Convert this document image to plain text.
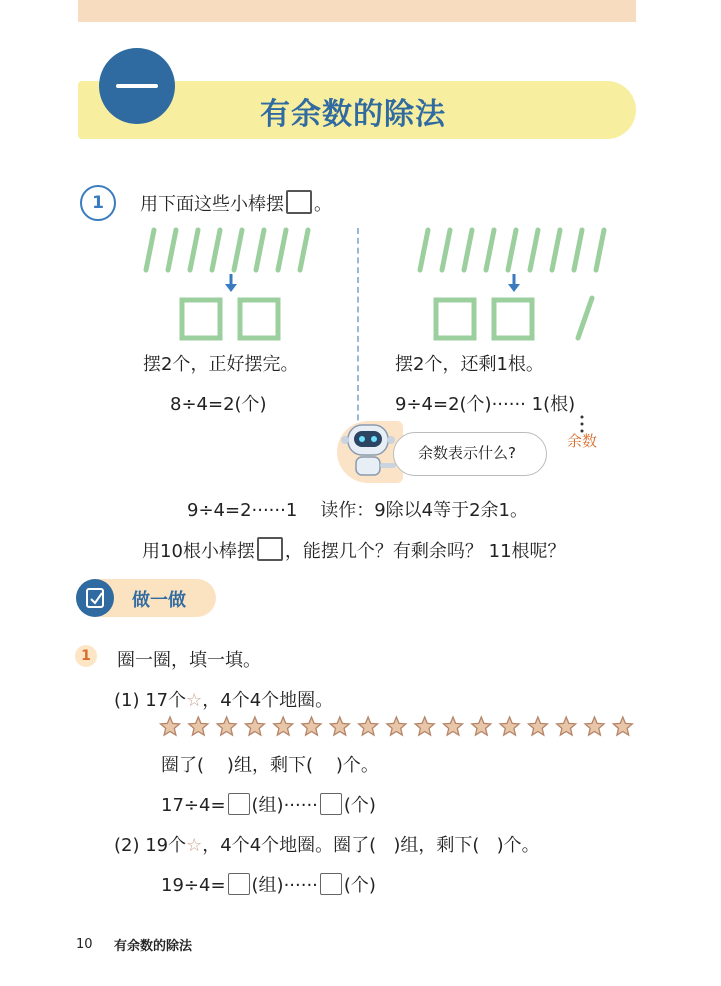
有余数的除法
1	用下面这些小棒摆 。
摆2个，正好摆完。
8÷4=2(个)
摆2个，还剩1根。
9÷4=2(个)······ 1(根)
余数
余数表示什么?
9÷4=2······1 读作：9除以4等于2余1。
用10根小棒摆 ，能摆几个？有剩余吗？ 11根呢？
做一做
1	圈一圈，填一填。
(1) 17个☆，4个4个地圈。
圈了( )组，剩下( )个。
17÷4= (组)······ (个)
(2) 19个☆，4个4个地圈。圈了( )组，剩下( )个。
19÷4= (组)······ (个)
10 有余数的除法
